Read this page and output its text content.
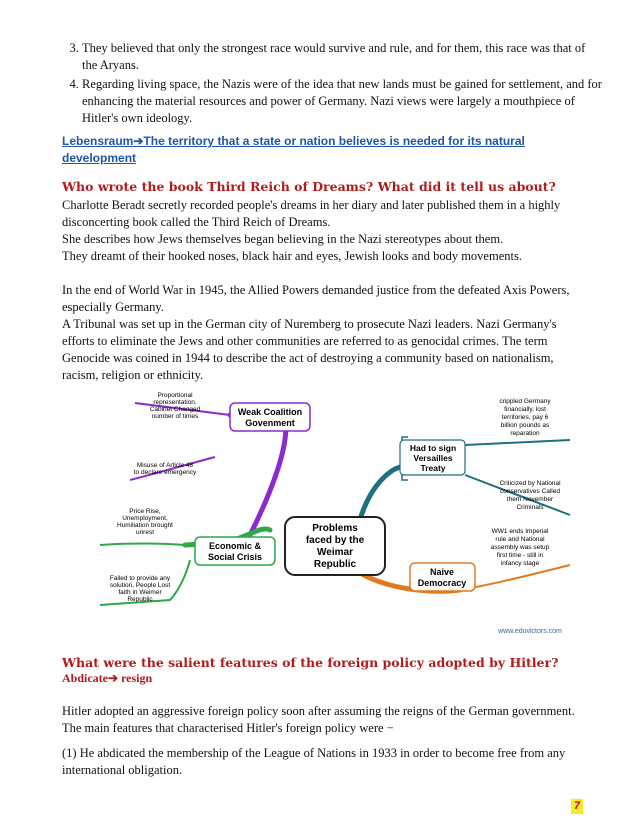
3. They believed that only the strongest race would survive and rule, and for them, this race was that of the Aryans.
4. Regarding living space, the Nazis were of the idea that new lands must be gained for settlement, and for enhancing the material resources and power of Germany. Nazi views were largely a mouthpiece of Hitler's own ideology.

Lebensraum➔The territory that a state or nation believes is needed for its natural development

Who wrote the book Third Reich of Dreams? What did it tell us about?

Charlotte Beradt secretly recorded people's dreams in her diary and later published them in a highly disconcerting book called the Third Reich of Dreams.
She describes how Jews themselves began believing in the Nazi stereotypes about them.
They dreamt of their hooked noses, black hair and eyes, Jewish looks and body movements.
In the end of World War in 1945, the Allied Powers demanded justice from the defeated Axis Powers, especially Germany.
A Tribunal was set up in the German city of Nuremberg to prosecute Nazi leaders. Nazi Germany's efforts to eliminate the Jews and other communities are referred to as genocidal crimes. The term Genocide was coined in 1944 to describe the act of destroying a community based on nationalism, racism, religion or ethnicity.
Problems
faced by the
Weimar
Republic
Weak Coalition
Govenment
Proportional
representation.
Cabinet Changed
number of times
Misuse of Article 48
to declare emergency
Economic &
Social Crisis
Price Rise,
Unemployment,
Humiliation brought
unrest
Failed to provide any
solution, People Lost
faith in Weimer
Republic
Had to sign
Versailles
Treaty
crippled Germany
financially, lost
territories, pay 6
billion pounds as
reparation
Criticized by National
conservatives Called
them November
Criminals
Naive
Democracy
WW1 ends Imperial
rule and National
assembly was setup
first time - still in
infancy stage
www.eduvictors.com

What were the salient features of the foreign policy adopted by Hitler?

Abdicate➔ resign

Hitler adopted an aggressive foreign policy soon after assuming the reigns of the German government. The main features that characterised Hitler's foreign policy were −

(1) He abdicated the membership of the League of Nations in 1933 in order to become free from any international obligation.

7
